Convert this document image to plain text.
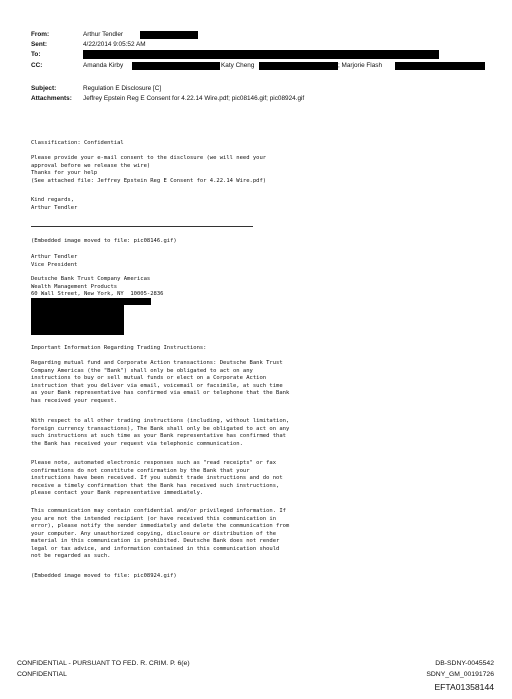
From:	Arthur Tendler
Sent:	4/22/2014 9:05:52 AM
To:
CC:	Amanda Kirby	Katy Cheng	; Marjorie Flash
Subject:	Regulation E Disclosure [C]
Attachments: Jeffrey Epstein Reg E Consent for 4.22.14 Wire.pdf; pic08146.gif; pic08924.gif
Classification: Confidential
Please provide your e-mail consent to the disclosure (we will need your
approval before we release the wire)
Thanks for your help
(See attached file: Jeffrey Epstein Reg E Consent for 4.22.14 Wire.pdf)
Kind regards,
Arthur Tendler
(Embedded image moved to file: pic08146.gif)
Arthur Tendler
Vice President
Deutsche Bank Trust Company Americas
Wealth Management Products
60 Wall Street, New York, NY  10005-2836
Important Information Regarding Trading Instructions:
Regarding mutual fund and Corporate Action transactions: Deutsche Bank Trust
Company Americas (the "Bank") shall only be obligated to act on any
instructions to buy or sell mutual funds or elect on a Corporate Action
instruction that you deliver via email, voicemail or facsimile, at such time
as your Bank representative has confirmed via email or telephone that the Bank
has received your request.
With respect to all other trading instructions (including, without limitation,
foreign currency transactions), The Bank shall only be obligated to act on any
such instructions at such time as your Bank representative has confirmed that
the Bank has received your request via telephonic communication.
Please note, automated electronic responses such as "read receipts" or fax
confirmations do not constitute confirmation by the Bank that your
instructions have been received. If you submit trade instructions and do not
receive a timely confirmation that the Bank has received such instructions,
please contact your Bank representative immediately.
This communication may contain confidential and/or privileged information. If
you are not the intended recipient (or have received this communication in
error), please notify the sender immediately and delete the communication from
your computer. Any unauthorized copying, disclosure or distribution of the
material in this communication is prohibited. Deutsche Bank does not render
legal or tax advice, and information contained in this communication should
not be regarded as such.
(Embedded image moved to file: pic08924.gif)
CONFIDENTIAL - PURSUANT TO FED. R. CRIM. P. 6(e)
CONFIDENTIAL
DB-SDNY-0045542
SDNY_GM_00191726
EFTA01358144
